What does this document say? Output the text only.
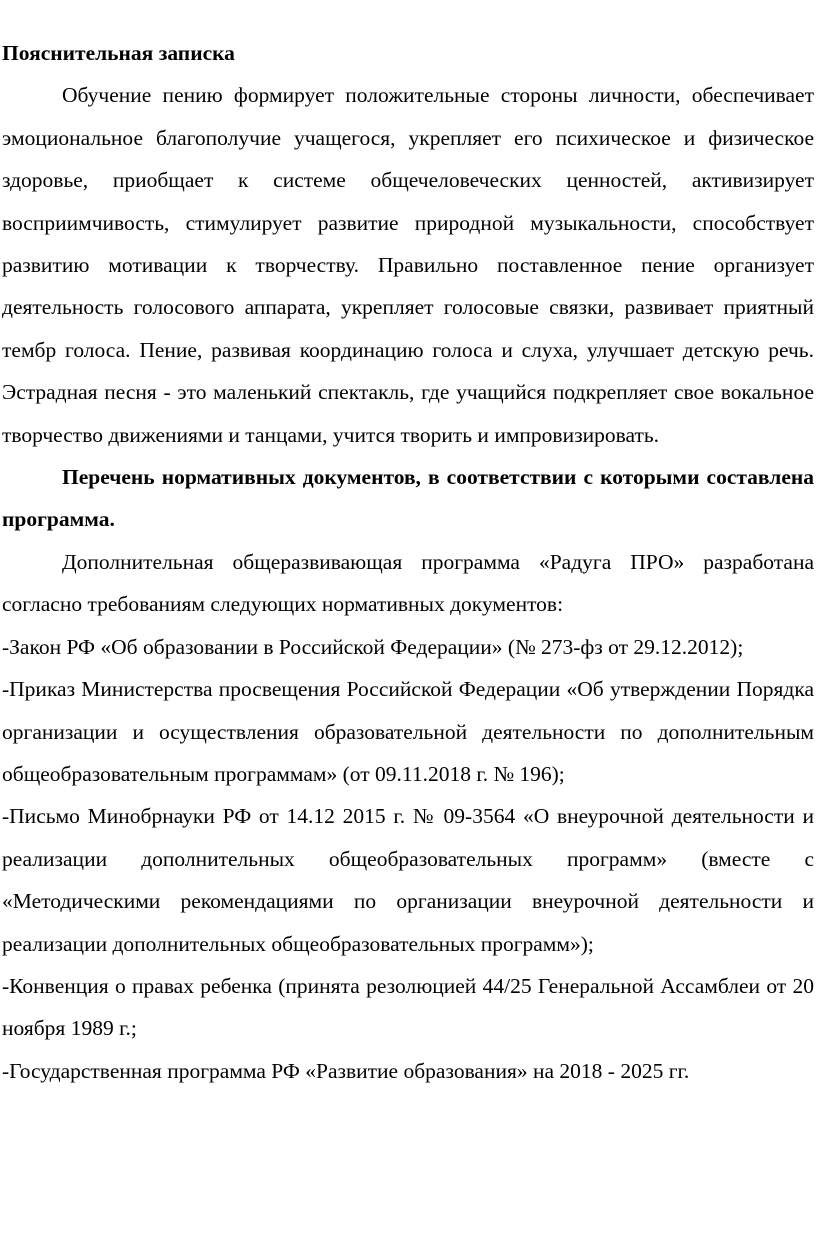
Пояснительная записка

Обучение пению формирует положительные стороны личности, обеспечивает эмоциональное благополучие учащегося, укрепляет его психическое и физическое здоровье, приобщает к системе общечеловеческих ценностей, активизирует восприимчивость, стимулирует развитие природной музыкальности, способствует развитию мотивации к творчеству. Правильно поставленное пение организует деятельность голосового аппарата, укрепляет голосовые связки, развивает приятный тембр голоса. Пение, развивая координацию голоса и слуха, улучшает детскую речь. Эстрадная песня - это маленький спектакль, где учащийся подкрепляет свое вокальное творчество движениями и танцами, учится творить и импровизировать.

Перечень нормативных документов, в соответствии с которыми составлена программа.

Дополнительная общеразвивающая программа «Радуга ПРО» разработана согласно требованиям следующих нормативных документов:

-Закон РФ «Об образовании в Российской Федерации» (№ 273-фз от 29.12.2012);

-Приказ Министерства просвещения Российской Федерации «Об утверждении Порядка организации и осуществления образовательной деятельности по дополнительным общеобразовательным программам» (от 09.11.2018 г. № 196);

-Письмо Минобрнауки РФ от 14.12 2015 г. № 09-3564 «О внеурочной деятельности и реализации дополнительных общеобразовательных программ» (вместе с «Методическими рекомендациями по организации внеурочной деятельности и реализации дополнительных общеобразовательных программ»);

-Конвенция о правах ребенка (принята резолюцией 44/25 Генеральной Ассамблеи от 20 ноября 1989 г.;

-Государственная программа РФ «Развитие образования» на 2018 - 2025 гг.
